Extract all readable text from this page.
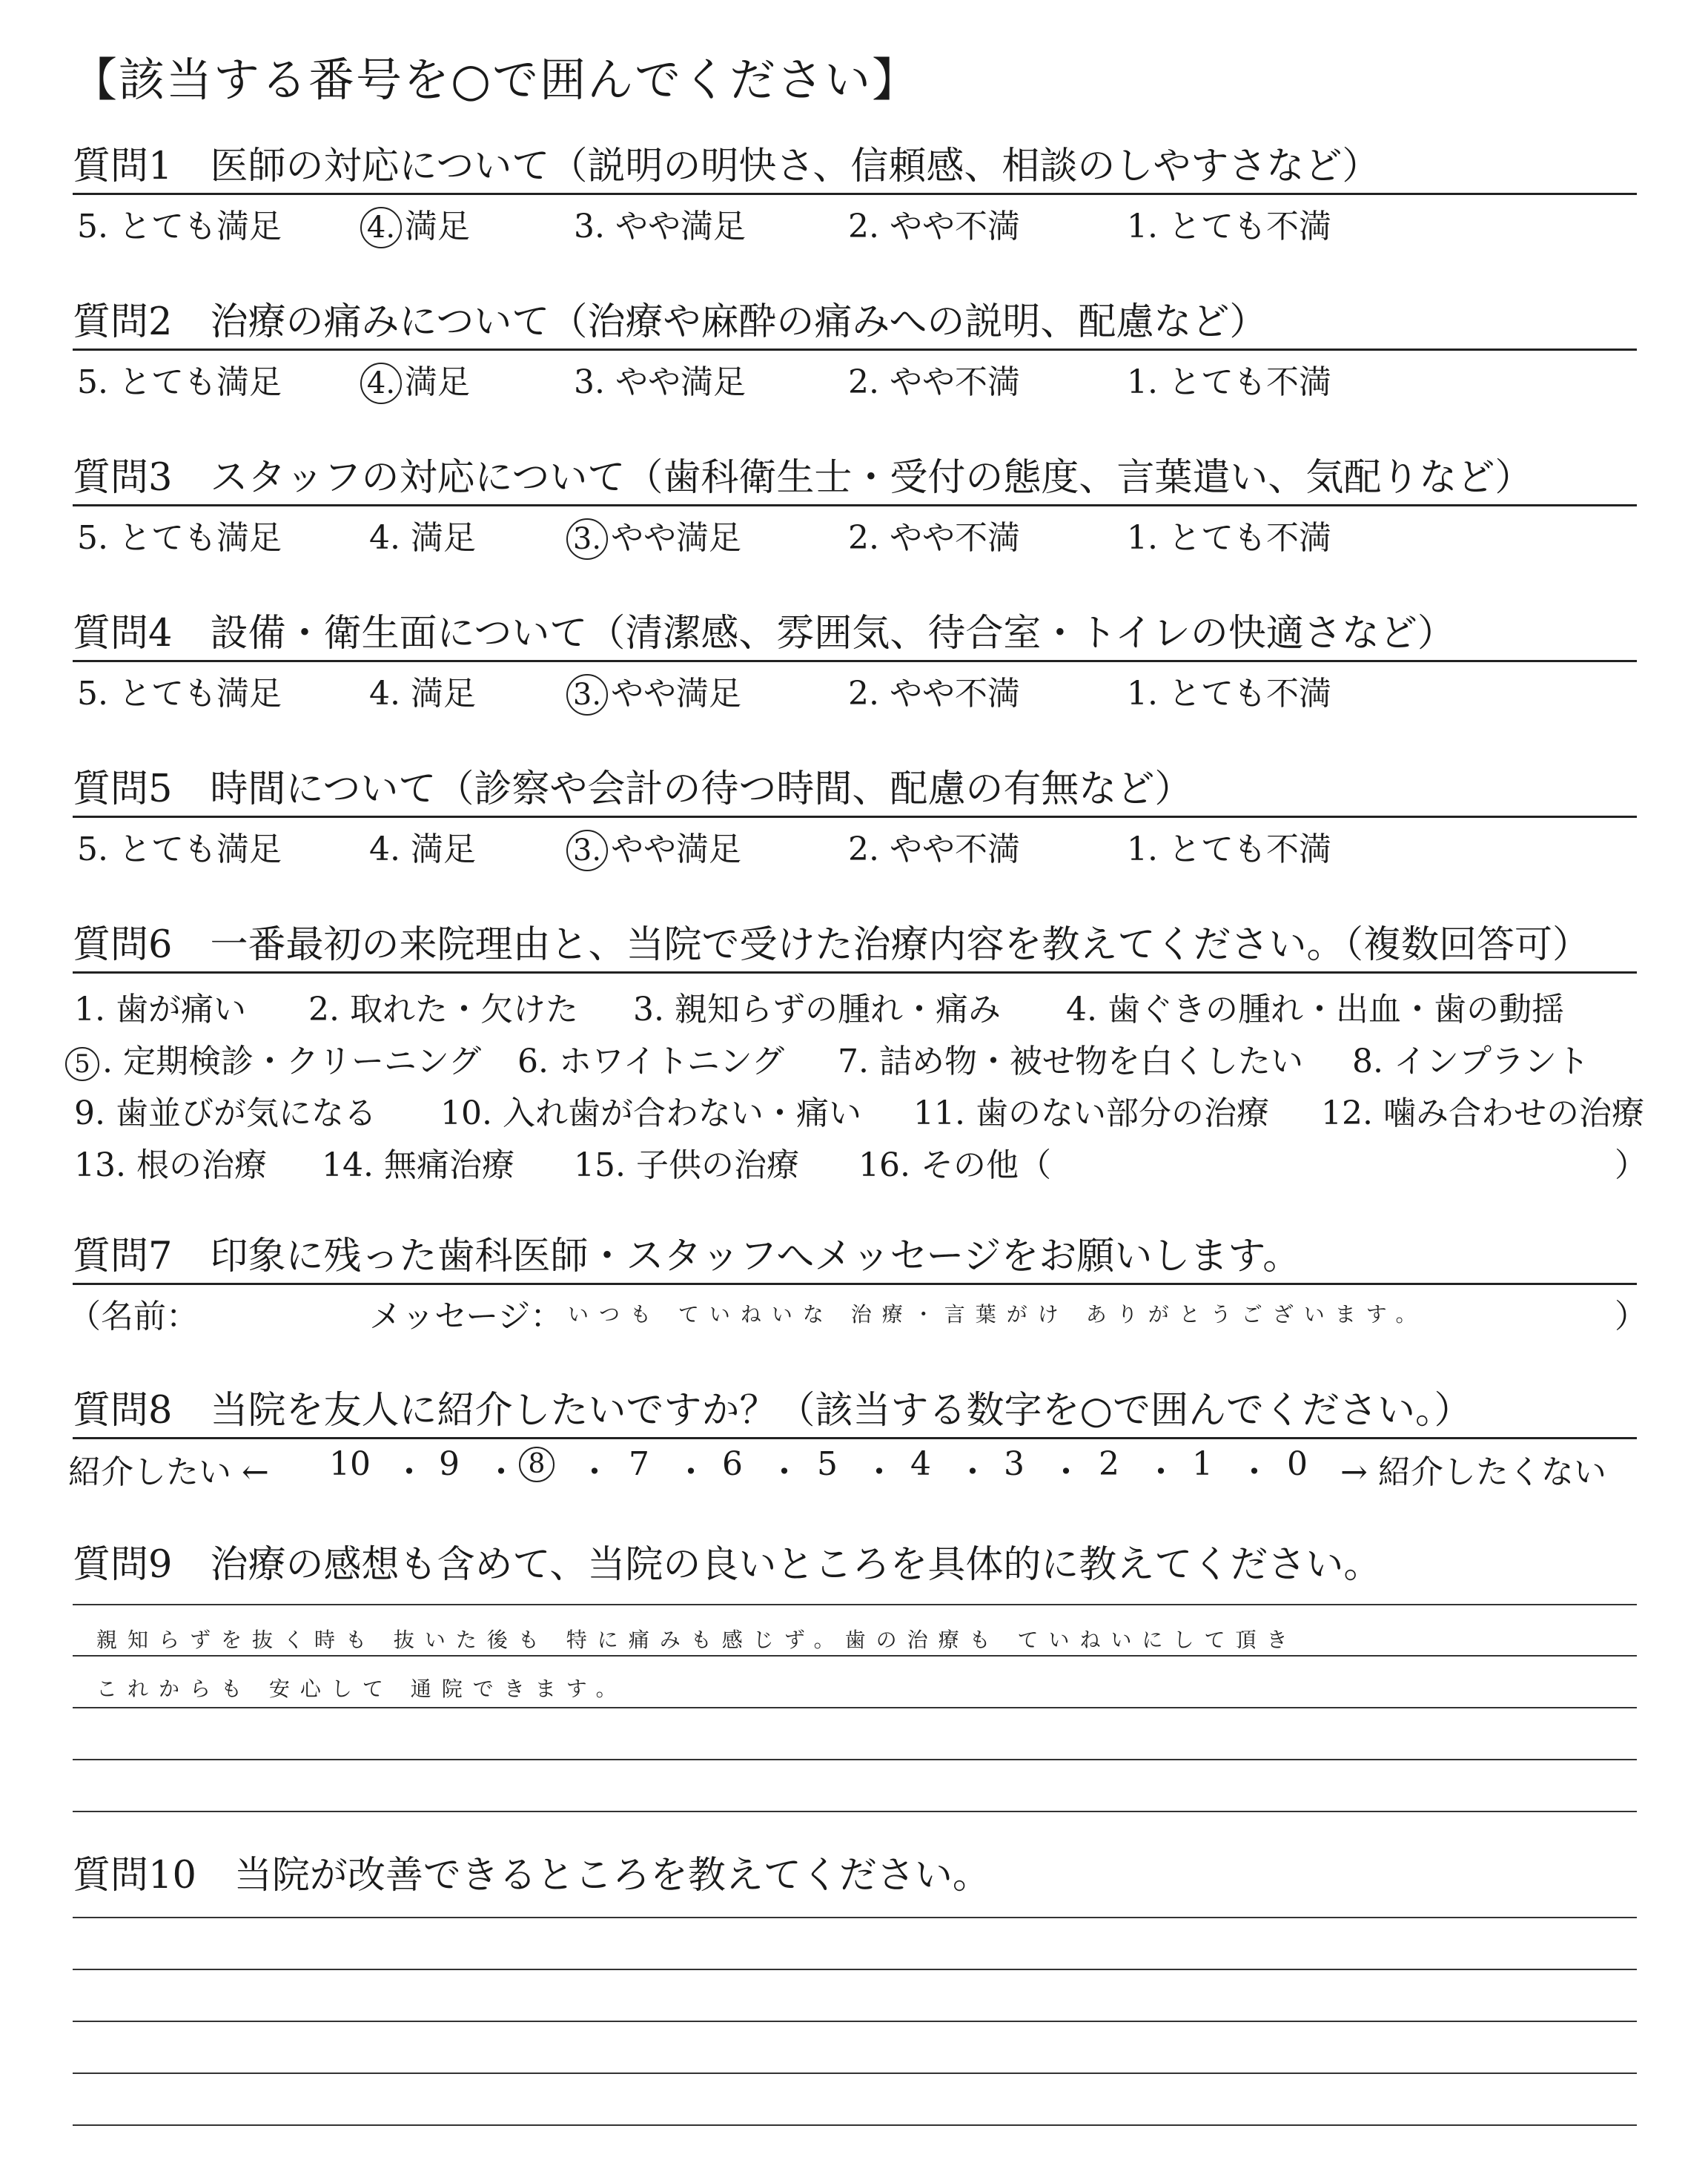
【該当する番号を○で囲んでください】
質問1　医師の対応について（説明の明快さ、信頼感、相談のしやすさなど）
5. とても満足	4. 満足	3. やや満足	2. やや不満	1. とても不満
質問2　治療の痛みについて（治療や麻酔の痛みへの説明、配慮など）
5. とても満足	4. 満足	3. やや満足	2. やや不満	1. とても不満
質問3　スタッフの対応について（歯科衛生士・受付の態度、言葉遣い、気配りなど）
5. とても満足	4. 満足	3. やや満足	2. やや不満	1. とても不満
質問4　設備・衛生面について（清潔感、雰囲気、待合室・トイレの快適さなど）
5. とても満足	4. 満足	3. やや満足	2. やや不満	1. とても不満
質問5　時間について（診察や会計の待つ時間、配慮の有無など）
5. とても満足	4. 満足	3. やや満足	2. やや不満	1. とても不満
質問6　一番最初の来院理由と、当院で受けた治療内容を教えてください。（複数回答可）
1. 歯が痛い 2. 取れた・欠けた 3. 親知らずの腫れ・痛み 4. 歯ぐきの腫れ・出血・歯の動揺
5 . 定期検診・クリーニング 6. ホワイトニング 7. 詰め物・被せ物を白くしたい 8. インプラント
9. 歯並びが気になる 10. 入れ歯が合わない・痛い 11. 歯のない部分の治療 12. 噛み合わせの治療
13. 根の治療 14. 無痛治療 15. 子供の治療 16. その他（	）
質問7　印象に残った歯科医師・スタッフへメッセージをお願いします。
（名前：	メッセージ： いつも ていねいな 治療・言葉がけ ありがとうございます。	）
質問8　当院を友人に紹介したいですか？（該当する数字を○で囲んでください。）
紹介したい ← 10 ・ 9 ・ 8 ・ 7 ・ 6 ・ 5 ・ 4 ・ 3 ・ 2 ・ 1 ・ 0 → 紹介したくない
質問9　治療の感想も含めて、当院の良いところを具体的に教えてください。
親知らずを抜く時も 抜いた後も 特に痛みも感じず。歯の治療も ていねいにして頂き
これからも 安心して 通院できます。
質問10　当院が改善できるところを教えてください。
